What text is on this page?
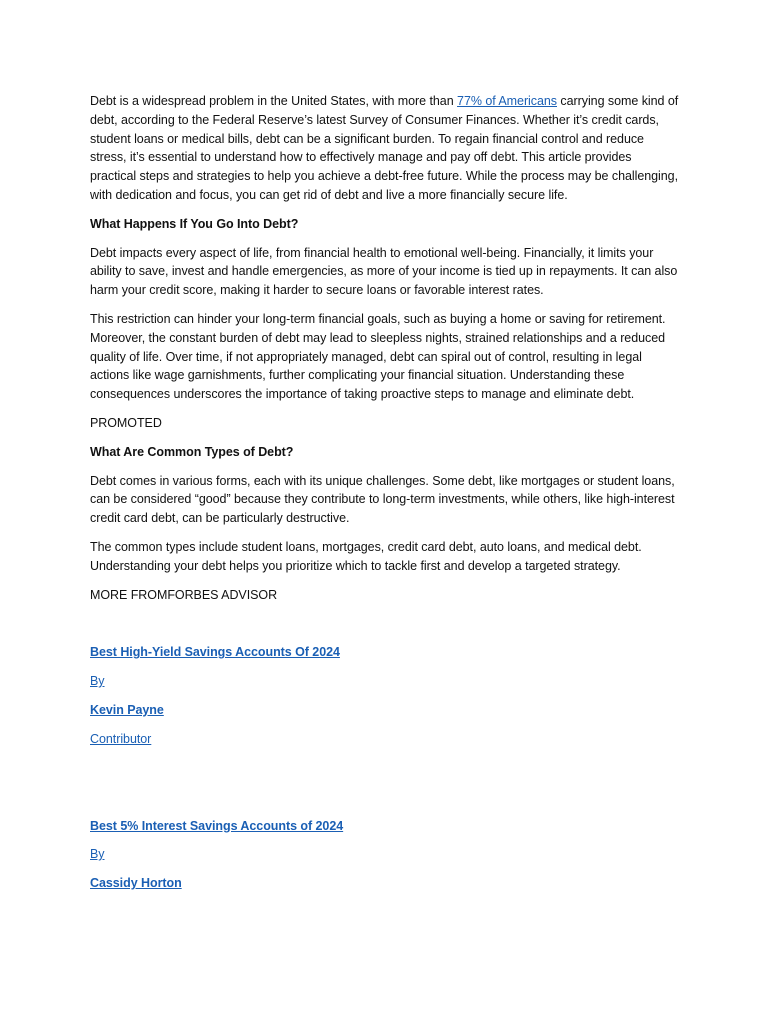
Debt is a widespread problem in the United States, with more than 77% of Americans carrying some kind of debt, according to the Federal Reserve’s latest Survey of Consumer Finances. Whether it’s credit cards, student loans or medical bills, debt can be a significant burden. To regain financial control and reduce stress, it’s essential to understand how to effectively manage and pay off debt. This article provides practical steps and strategies to help you achieve a debt-free future. While the process may be challenging, with dedication and focus, you can get rid of debt and live a more financially secure life.

What Happens If You Go Into Debt?

Debt impacts every aspect of life, from financial health to emotional well-being. Financially, it limits your ability to save, invest and handle emergencies, as more of your income is tied up in repayments. It can also harm your credit score, making it harder to secure loans or favorable interest rates.

This restriction can hinder your long-term financial goals, such as buying a home or saving for retirement. Moreover, the constant burden of debt may lead to sleepless nights, strained relationships and a reduced quality of life. Over time, if not appropriately managed, debt can spiral out of control, resulting in legal actions like wage garnishments, further complicating your financial situation. Understanding these consequences underscores the importance of taking proactive steps to manage and eliminate debt.

PROMOTED

What Are Common Types of Debt?

Debt comes in various forms, each with its unique challenges. Some debt, like mortgages or student loans, can be considered “good” because they contribute to long-term investments, while others, like high-interest credit card debt, can be particularly destructive.

The common types include student loans, mortgages, credit card debt, auto loans, and medical debt. Understanding your debt helps you prioritize which to tackle first and develop a targeted strategy.

MORE FROMFORBES ADVISOR

Best High-Yield Savings Accounts Of 2024

By

Kevin Payne

Contributor

Best 5% Interest Savings Accounts of 2024

By

Cassidy Horton
